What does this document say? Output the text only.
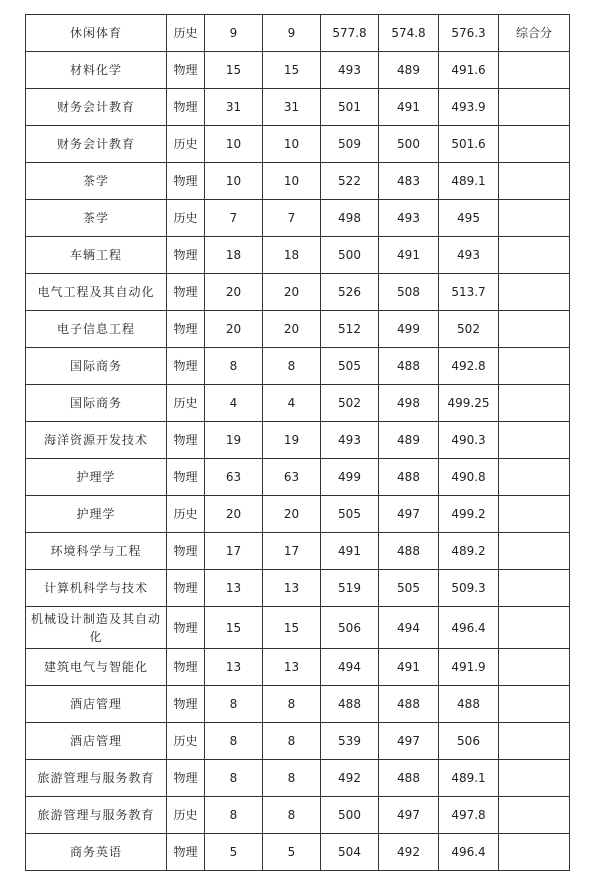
休闲体育	历史	9	9	577.8	574.8	576.3	综合分
材料化学	物理	15	15	493	489	491.6	
财务会计教育	物理	31	31	501	491	493.9	
财务会计教育	历史	10	10	509	500	501.6	
茶学	物理	10	10	522	483	489.1	
茶学	历史	7	7	498	493	495	
车辆工程	物理	18	18	500	491	493	
电气工程及其自动化	物理	20	20	526	508	513.7	
电子信息工程	物理	20	20	512	499	502	
国际商务	物理	8	8	505	488	492.8	
国际商务	历史	4	4	502	498	499.25	
海洋资源开发技术	物理	19	19	493	489	490.3	
护理学	物理	63	63	499	488	490.8	
护理学	历史	20	20	505	497	499.2	
环境科学与工程	物理	17	17	491	488	489.2	
计算机科学与技术	物理	13	13	519	505	509.3	
机械设计制造及其自动化	物理	15	15	506	494	496.4	
建筑电气与智能化	物理	13	13	494	491	491.9	
酒店管理	物理	8	8	488	488	488	
酒店管理	历史	8	8	539	497	506	
旅游管理与服务教育	物理	8	8	492	488	489.1	
旅游管理与服务教育	历史	8	8	500	497	497.8	
商务英语	物理	5	5	504	492	496.4	
